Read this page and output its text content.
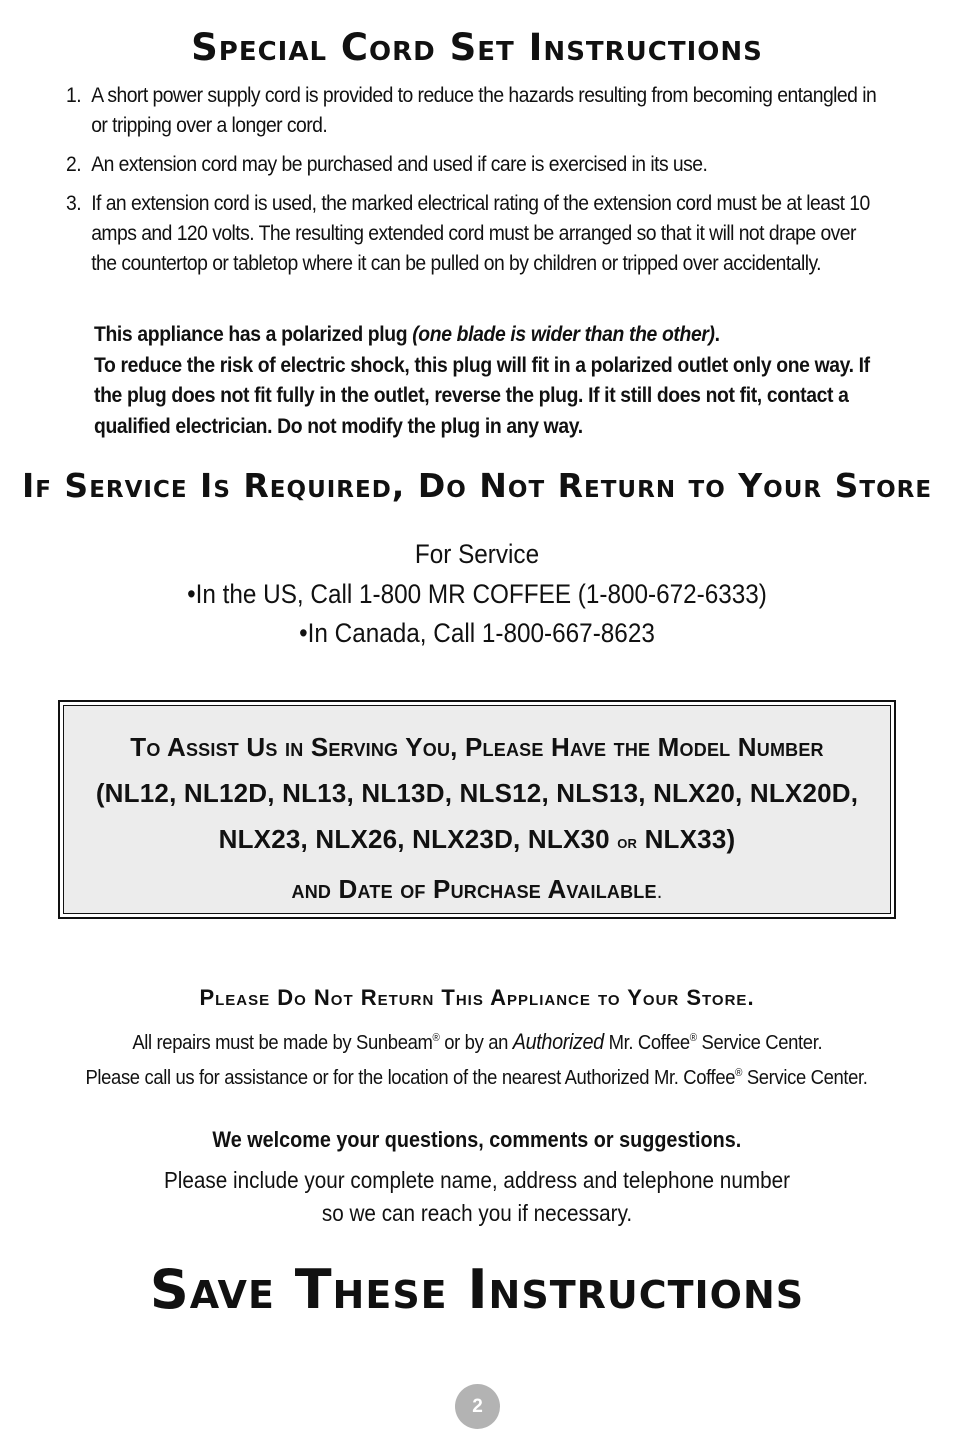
Special Cord Set Instructions
1. A short power supply cord is provided to reduce the hazards resulting from becoming entangled in or tripping over a longer cord.
2. An extension cord may be purchased and used if care is exercised in its use.
3. If an extension cord is used, the marked electrical rating of the extension cord must be at least 10 amps and 120 volts. The resulting extended cord must be arranged so that it will not drape over the countertop or tabletop where it can be pulled on by children or tripped over accidentally.
This appliance has a polarized plug (one blade is wider than the other).
To reduce the risk of electric shock, this plug will fit in a polarized outlet only one way. If the plug does not fit fully in the outlet, reverse the plug. If it still does not fit, contact a qualified electrician. Do not modify the plug in any way.
If Service Is Required, Do Not Return to Your Store
For Service
•In the US, Call 1-800 MR COFFEE (1-800-672-6333)
•In Canada, Call 1-800-667-8623
To Assist Us in Serving You, Please Have the Model Number
(NL12, NL12D, NL13, NL13D, NLS12, NLS13, NLX20, NLX20D,
NLX23, NLX26, NLX23D, NLX30 or NLX33)
and Date of Purchase Available.
Please Do Not Return This Appliance to Your Store.
All repairs must be made by Sunbeam® or by an Authorized Mr. Coffee® Service Center.
Please call us for assistance or for the location of the nearest Authorized Mr. Coffee® Service Center.
We welcome your questions, comments or suggestions.
Please include your complete name, address and telephone number
so we can reach you if necessary.
Save These Instructions
2
